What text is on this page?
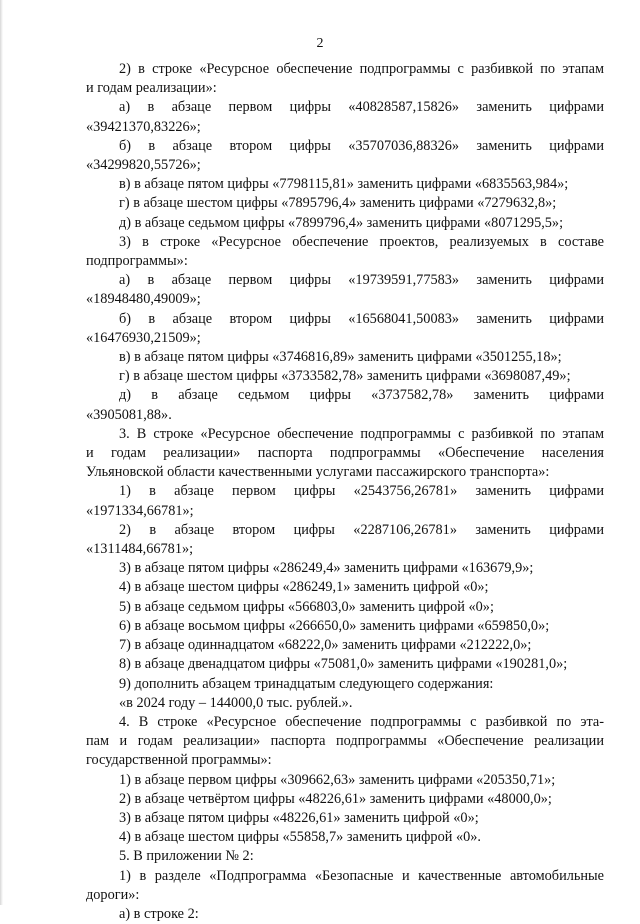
2
2) в строке «Ресурсное обеспечение подпрограммы с разбивкой по этапам
и годам реализации»:
а) в абзаце первом цифры «40828587,15826» заменить цифрами
«39421370,83226»;
б) в абзаце втором цифры «35707036,88326» заменить цифрами
«34299820,55726»;
в) в абзаце пятом цифры «7798115,81» заменить цифрами «6835563,984»;
г) в абзаце шестом цифры «7895796,4» заменить цифрами «7279632,8»;
д) в абзаце седьмом цифры «7899796,4» заменить цифрами «8071295,5»;
3) в строке «Ресурсное обеспечение проектов, реализуемых в составе
подпрограммы»:
а) в абзаце первом цифры «19739591,77583» заменить цифрами
«18948480,49009»;
б) в абзаце втором цифры «16568041,50083» заменить цифрами
«16476930,21509»;
в) в абзаце пятом цифры «3746816,89» заменить цифрами «3501255,18»;
г) в абзаце шестом цифры «3733582,78» заменить цифрами «3698087,49»;
д) в абзаце седьмом цифры «3737582,78» заменить цифрами
«3905081,88».
3. В строке «Ресурсное обеспечение подпрограммы с разбивкой по этапам
и годам реализации» паспорта подпрограммы «Обеспечение населения
Ульяновской области качественными услугами пассажирского транспорта»:
1) в абзаце первом цифры «2543756,26781» заменить цифрами
«1971334,66781»;
2) в абзаце втором цифры «2287106,26781» заменить цифрами
«1311484,66781»;
3) в абзаце пятом цифры «286249,4» заменить цифрами «163679,9»;
4) в абзаце шестом цифры «286249,1» заменить цифрой «0»;
5) в абзаце седьмом цифры «566803,0» заменить цифрой «0»;
6) в абзаце восьмом цифры «266650,0» заменить цифрами «659850,0»;
7) в абзаце одиннадцатом «68222,0» заменить цифрами «212222,0»;
8) в абзаце двенадцатом цифры «75081,0» заменить цифрами «190281,0»;
9) дополнить абзацем тринадцатым следующего содержания:
«в 2024 году – 144000,0 тыс. рублей.».
4. В строке «Ресурсное обеспечение подпрограммы с разбивкой по эта-
пам и годам реализации» паспорта подпрограммы «Обеспечение реализации
государственной программы»:
1) в абзаце первом цифры «309662,63» заменить цифрами «205350,71»;
2) в абзаце четвёртом цифры «48226,61» заменить цифрами «48000,0»;
3) в абзаце пятом цифры «48226,61» заменить цифрой «0»;
4) в абзаце шестом цифры «55858,7» заменить цифрой «0».
5. В приложении № 2:
1) в разделе «Подпрограмма «Безопасные и качественные автомобильные
дороги»:
а) в строке 2:
